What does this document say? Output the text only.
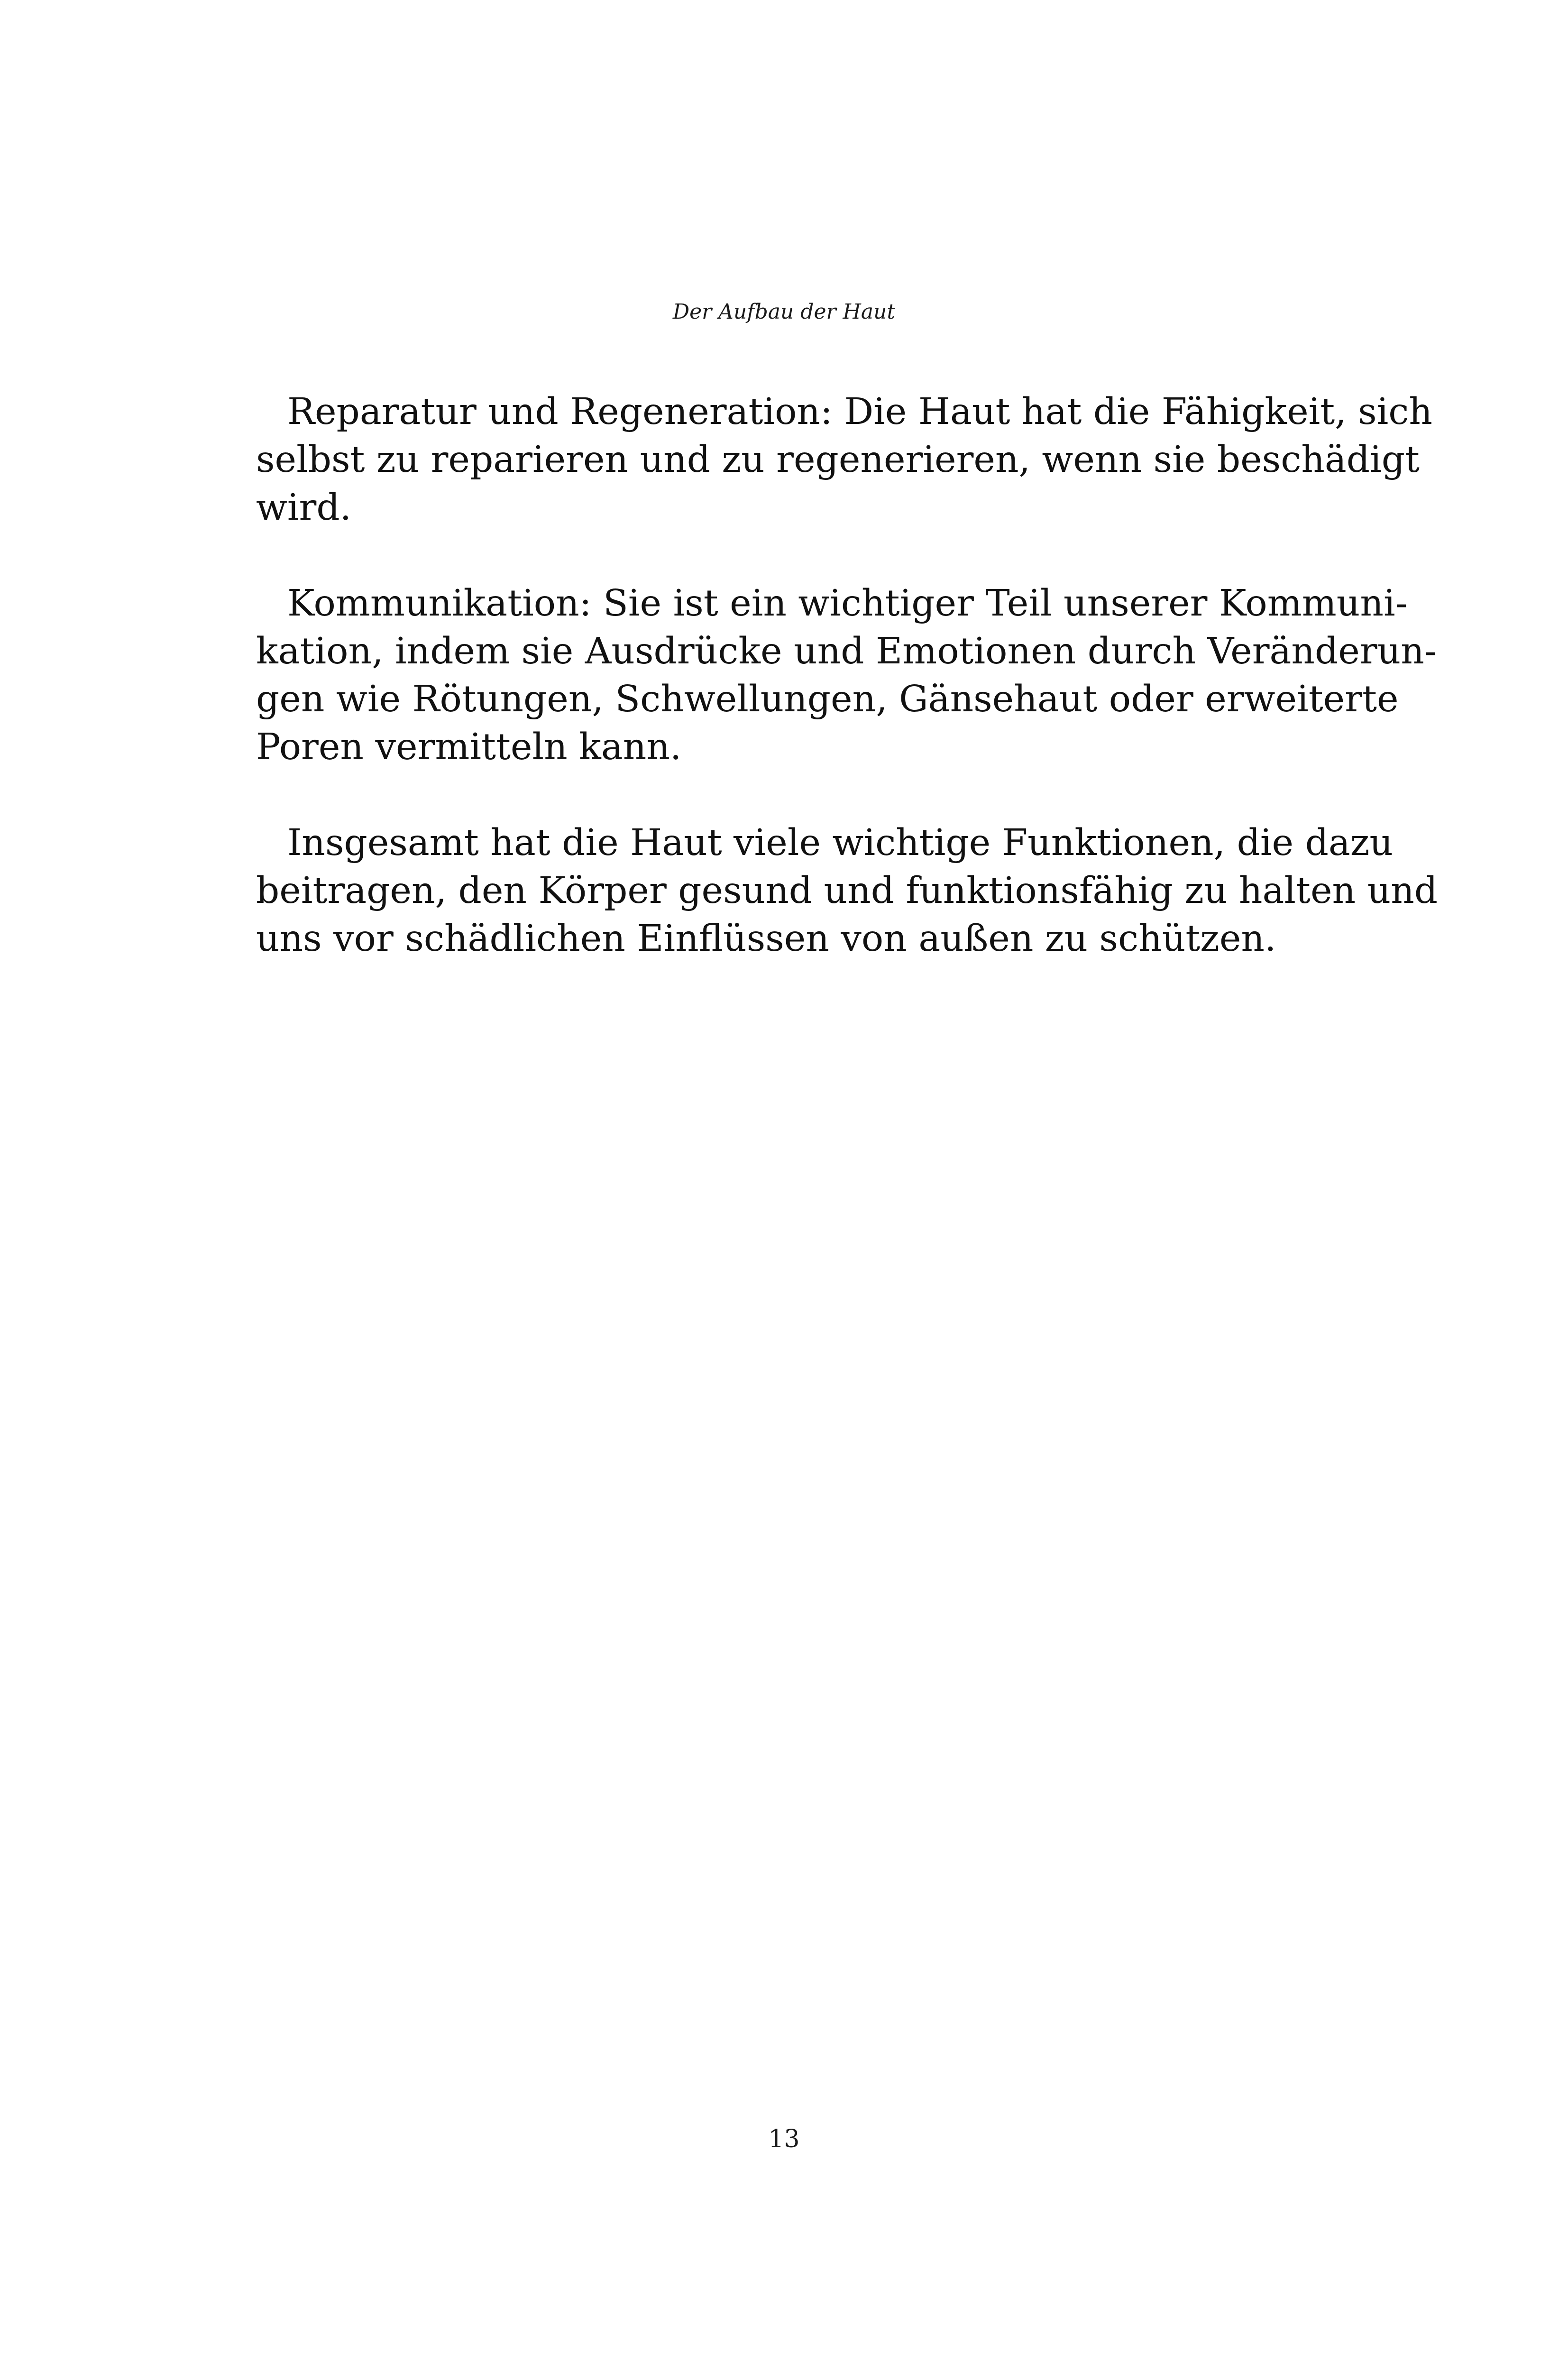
Der Aufbau der Haut
Reparatur und Regeneration: Die Haut hat die Fähigkeit, sich
selbst zu reparieren und zu regenerieren, wenn sie beschädigt
wird.
Kommunikation: Sie ist ein wichtiger Teil unserer Kommuni-
kation, indem sie Ausdrücke und Emotionen durch Veränderun-
gen wie Rötungen, Schwellungen, Gänsehaut oder erweiterte
Poren vermitteln kann.
Insgesamt hat die Haut viele wichtige Funktionen, die dazu
beitragen, den Körper gesund und funktionsfähig zu halten und
uns vor schädlichen Einflüssen von außen zu schützen.
13
